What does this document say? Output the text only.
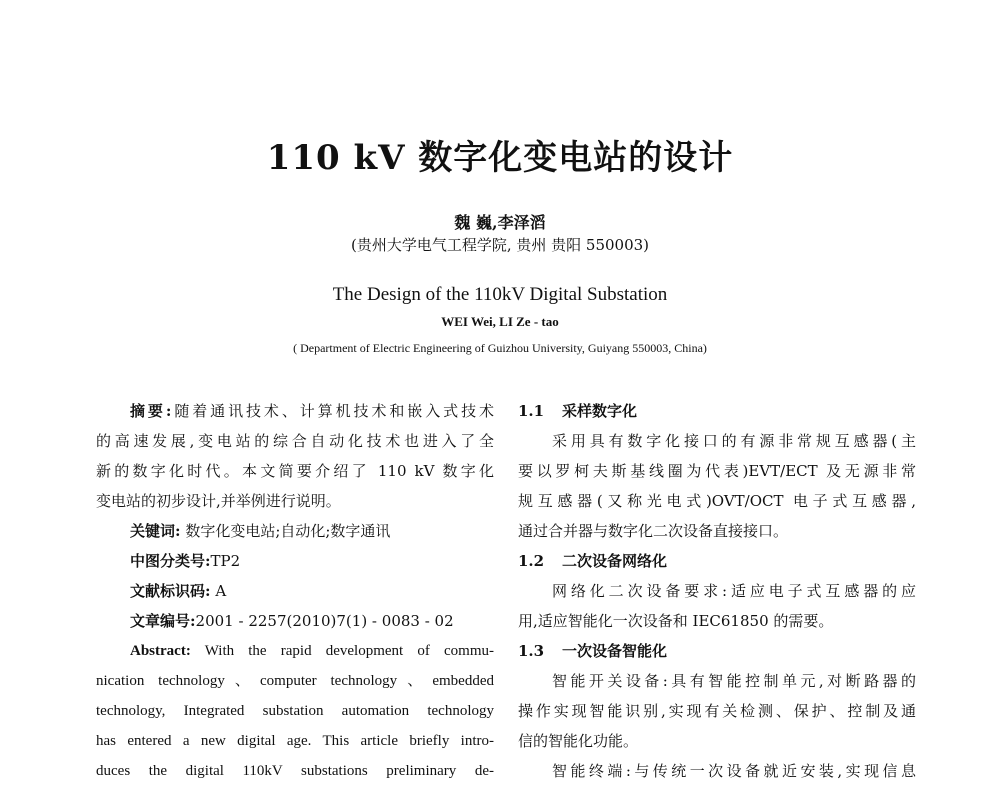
110 kV 数字化变电站的设计
魏 巍,李泽滔
(贵州大学电气工程学院, 贵州 贵阳 550003)
The Design of the 110kV Digital Substation
WEI Wei, LI Ze - tao
( Department of Electric Engineering of Guizhou University, Guiyang 550003, China)
摘要:随着通讯技术、计算机技术和嵌入式技术
的高速发展,变电站的综合自动化技术也进入了全
新的数字化时代。本文简要介绍了 110 kV 数字化
变电站的初步设计,并举例进行说明。
关键词: 数字化变电站;自动化;数字通讯
中图分类号:TP2
文献标识码: A
文章编号:2001 - 2257(2010)7(1) - 0083 - 02
Abstract: With the rapid development of commu-
nication technology、computer technology、embedded
technology, Integrated substation automation technology
has entered a new digital age. This article briefly intro-
duces the digital 110kV substations preliminary de-
1.1 采样数字化
采用具有数字化接口的有源非常规互感器(主
要以罗柯夫斯基线圈为代表)EVT/ECT 及无源非常
规互感器(又称光电式)OVT/OCT 电子式互感器,
通过合并器与数字化二次设备直接接口。
1.2 二次设备网络化
网络化二次设备要求:适应电子式互感器的应
用,适应智能化一次设备和 IEC61850 的需要。
1.3 一次设备智能化
智能开关设备:具有智能控制单元,对断路器的
操作实现智能识别,实现有关检测、保护、控制及通
信的智能化功能。
智能终端:与传统一次设备就近安装,实现信息
